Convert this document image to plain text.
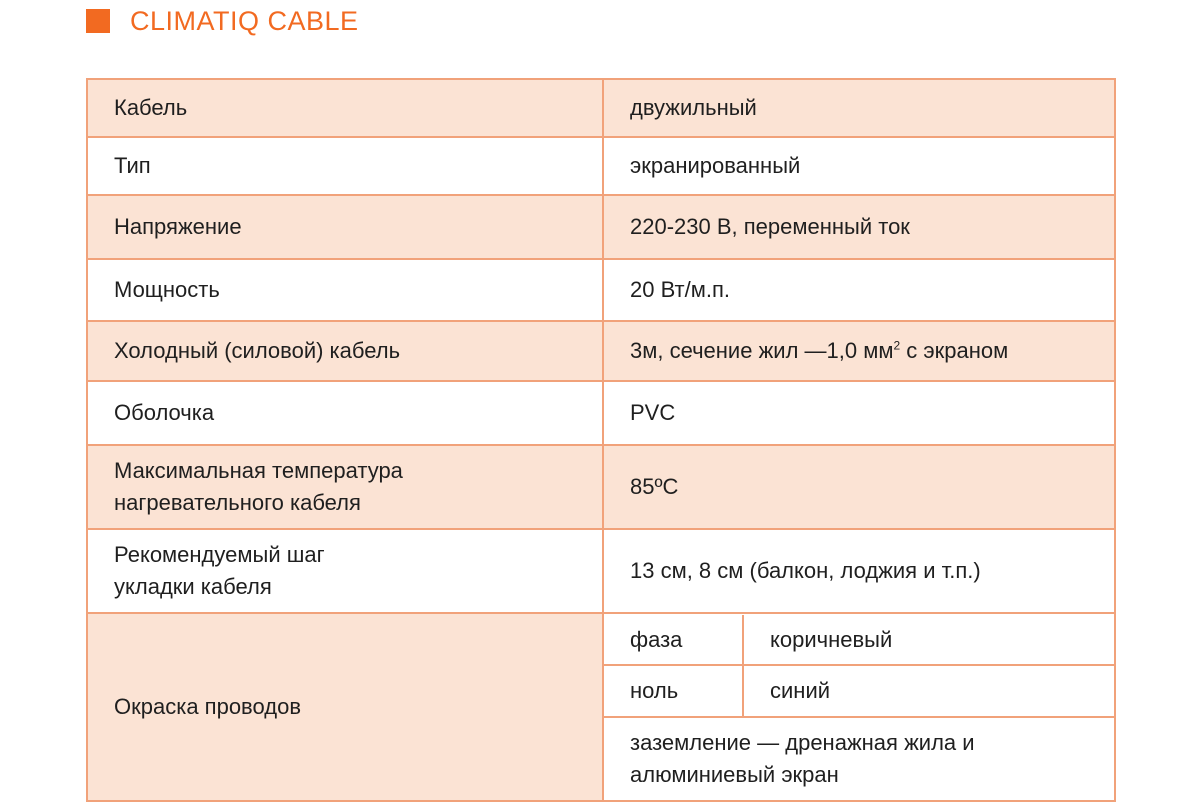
CLIMATIQ CABLE
Кабель	двужильный
Тип	экранированный
Напряжение	220-230 В, переменный ток
Мощность	20 Вт/м.п.
Холодный (силовой) кабель	3м, сечение жил —1,0 $мм^2$ с экраном
Оболочка	PVC
Максимальная температура
нагревательного кабеля	85ºС
Рекомендуемый шаг
укладки кабеля	13 см, 8 см (балкон, лоджия и т.п.)
Окраска проводов	
фаза	коричневый
ноль	синий
заземление — дренажная жила и
алюминиевый экран
